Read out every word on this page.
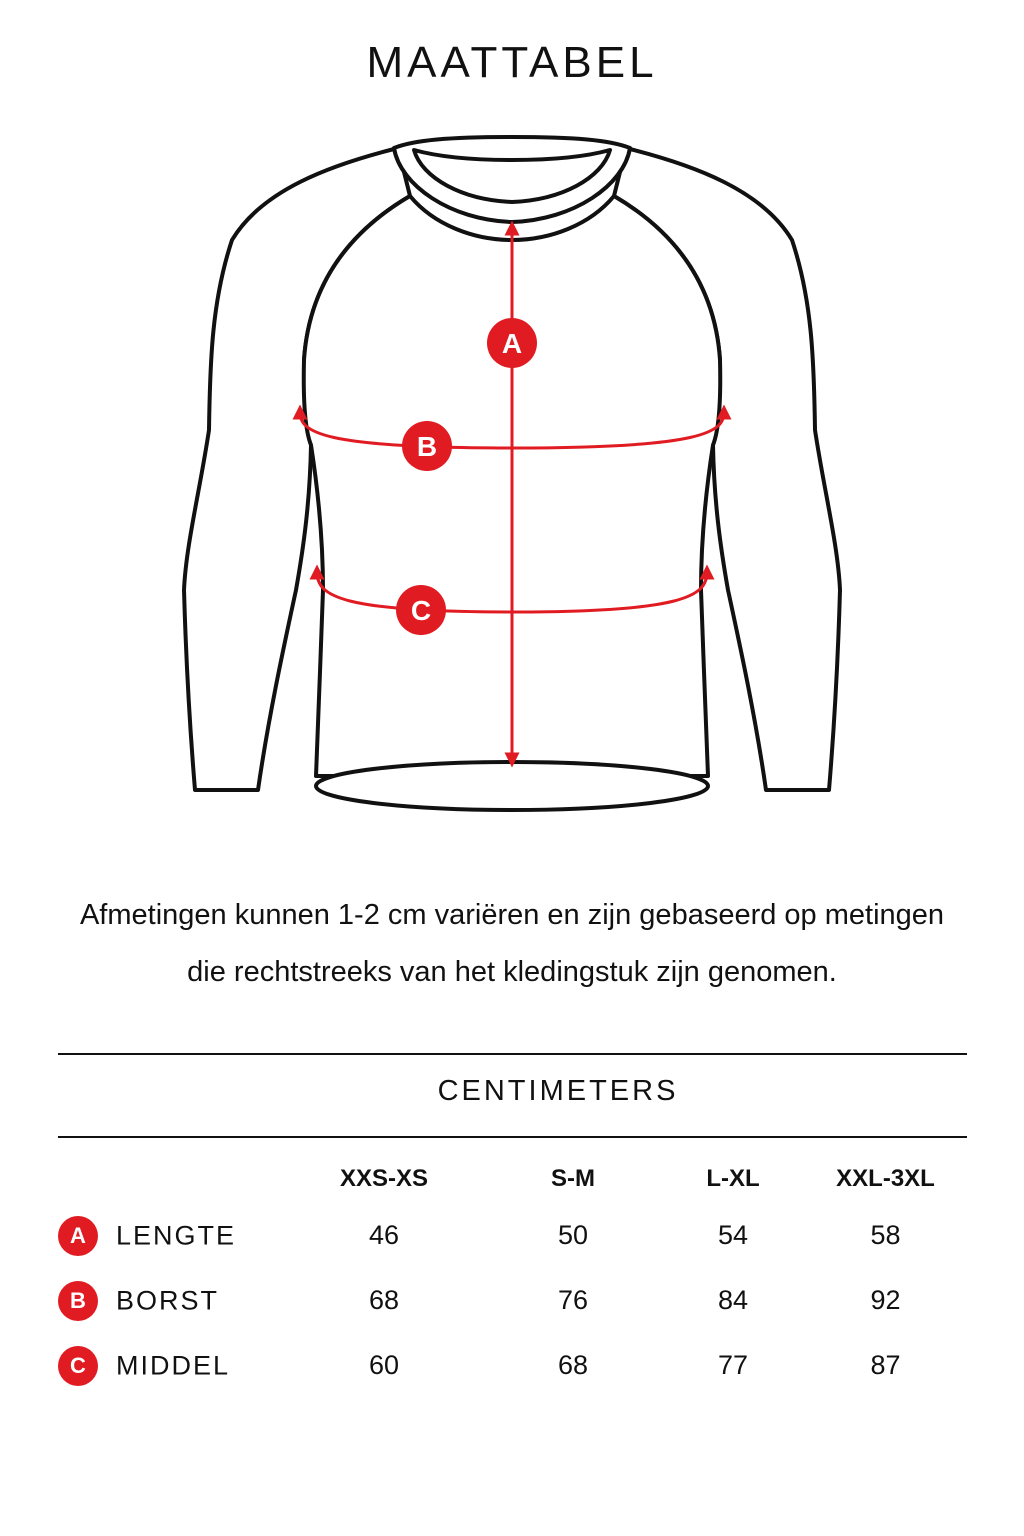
MAATTABEL
A
B
C

Afmetingen kunnen 1-2 cm variëren en zijn gebaseerd op metingen die rechtstreeks van het kledingstuk zijn genomen.

CENTIMETERS
	XXS-XS	S-M	L-XL	XXL-3XL
A LENGTE	46	50	54	58
B BORST	68	76	84	92
C MIDDEL	60	68	77	87
